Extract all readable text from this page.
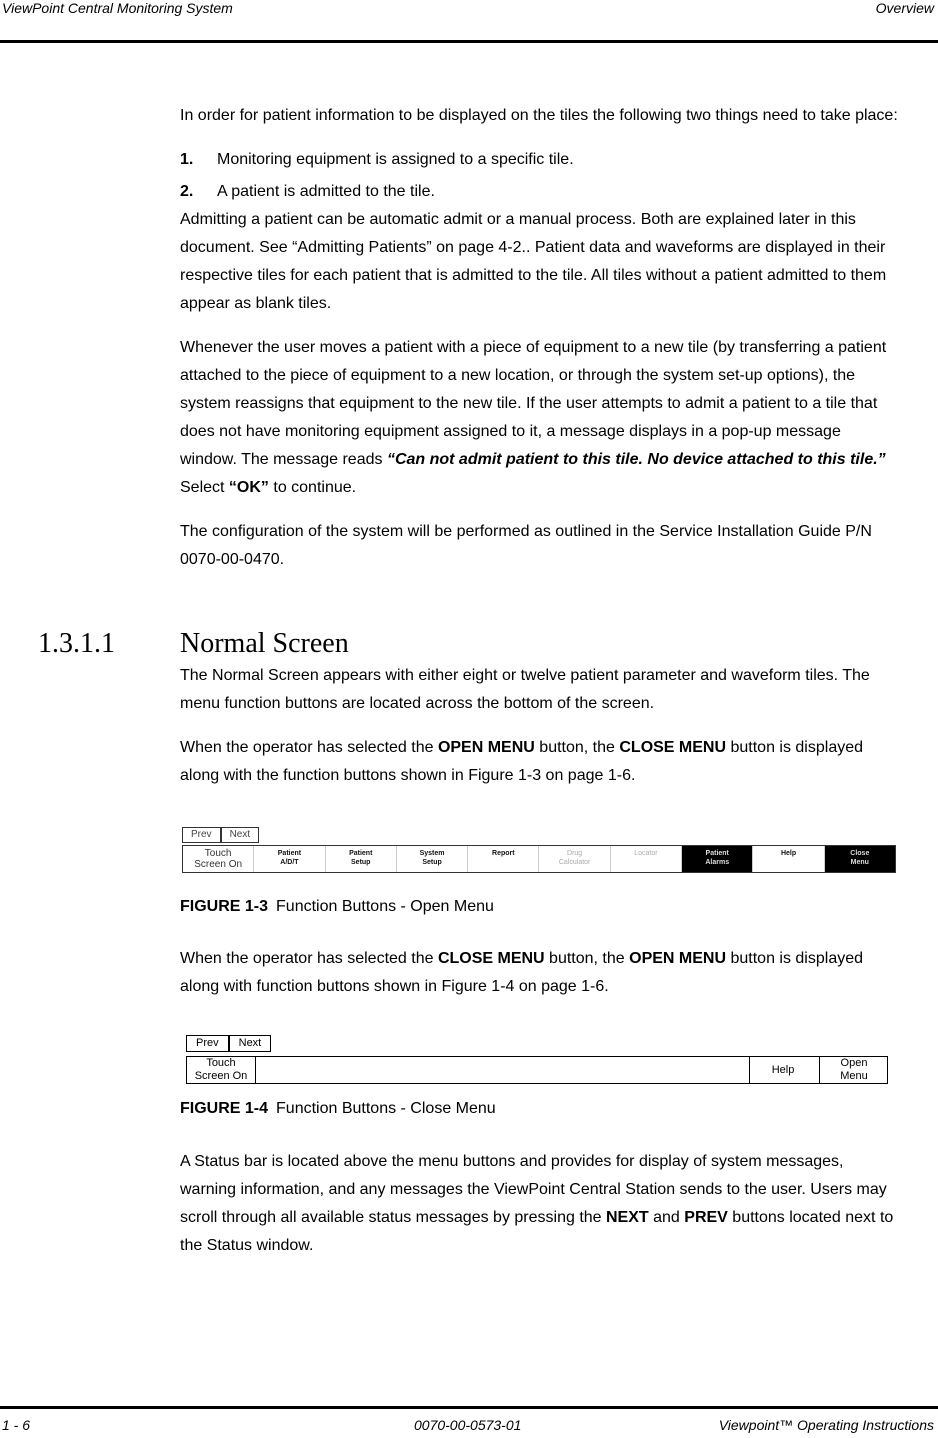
ViewPoint Central Monitoring System	Overview

In order for patient information to be displayed on the tiles the following two things need to take place:

1.	Monitoring equipment is assigned to a specific tile.
2.	A patient is admitted to the tile.

Admitting a patient can be automatic admit or a manual process. Both are explained later in this document. See “Admitting Patients” on page 4-2.. Patient data and waveforms are displayed in their respective tiles for each patient that is admitted to the tile. All tiles without a patient admitted to them appear as blank tiles.

Whenever the user moves a patient with a piece of equipment to a new tile (by transferring a patient attached to the piece of equipment to a new location, or through the system set-up options), the system reassigns that equipment to the new tile. If the user attempts to admit a patient to a tile that does not have monitoring equipment assigned to it, a message displays in a pop-up message window. The message reads “Can not admit patient to this tile. No device attached to this tile.” Select “OK” to continue.

The configuration of the system will be performed as outlined in the Service Installation Guide P/N 0070-00-0470.

1.3.1.1 Normal Screen

The Normal Screen appears with either eight or twelve patient parameter and waveform tiles. The menu function buttons are located across the bottom of the screen.

When the operator has selected the OPEN MENU button, the CLOSE MENU button is displayed along with the function buttons shown in Figure 1-3 on page 1-6.

Prev	Next
Touch
Screen On
Patient
A/D/T
Patient
Setup
System
Setup
Report	Drug
Calculator
Locator	Patient
Alarms
Help	Close
Menu
FIGURE 1-3 Function Buttons - Open Menu

When the operator has selected the CLOSE MENU button, the OPEN MENU button is displayed along with function buttons shown in Figure 1-4 on page 1-6.

Prev	Next
Touch
Screen On	Help
Open
Menu
FIGURE 1-4 Function Buttons - Close Menu

A Status bar is located above the menu buttons and provides for display of system messages, warning information, and any messages the ViewPoint Central Station sends to the user. Users may scroll through all available status messages by pressing the NEXT and PREV buttons located next to the Status window.

1 - 6	0070-00-0573-01	Viewpoint™ Operating Instructions
